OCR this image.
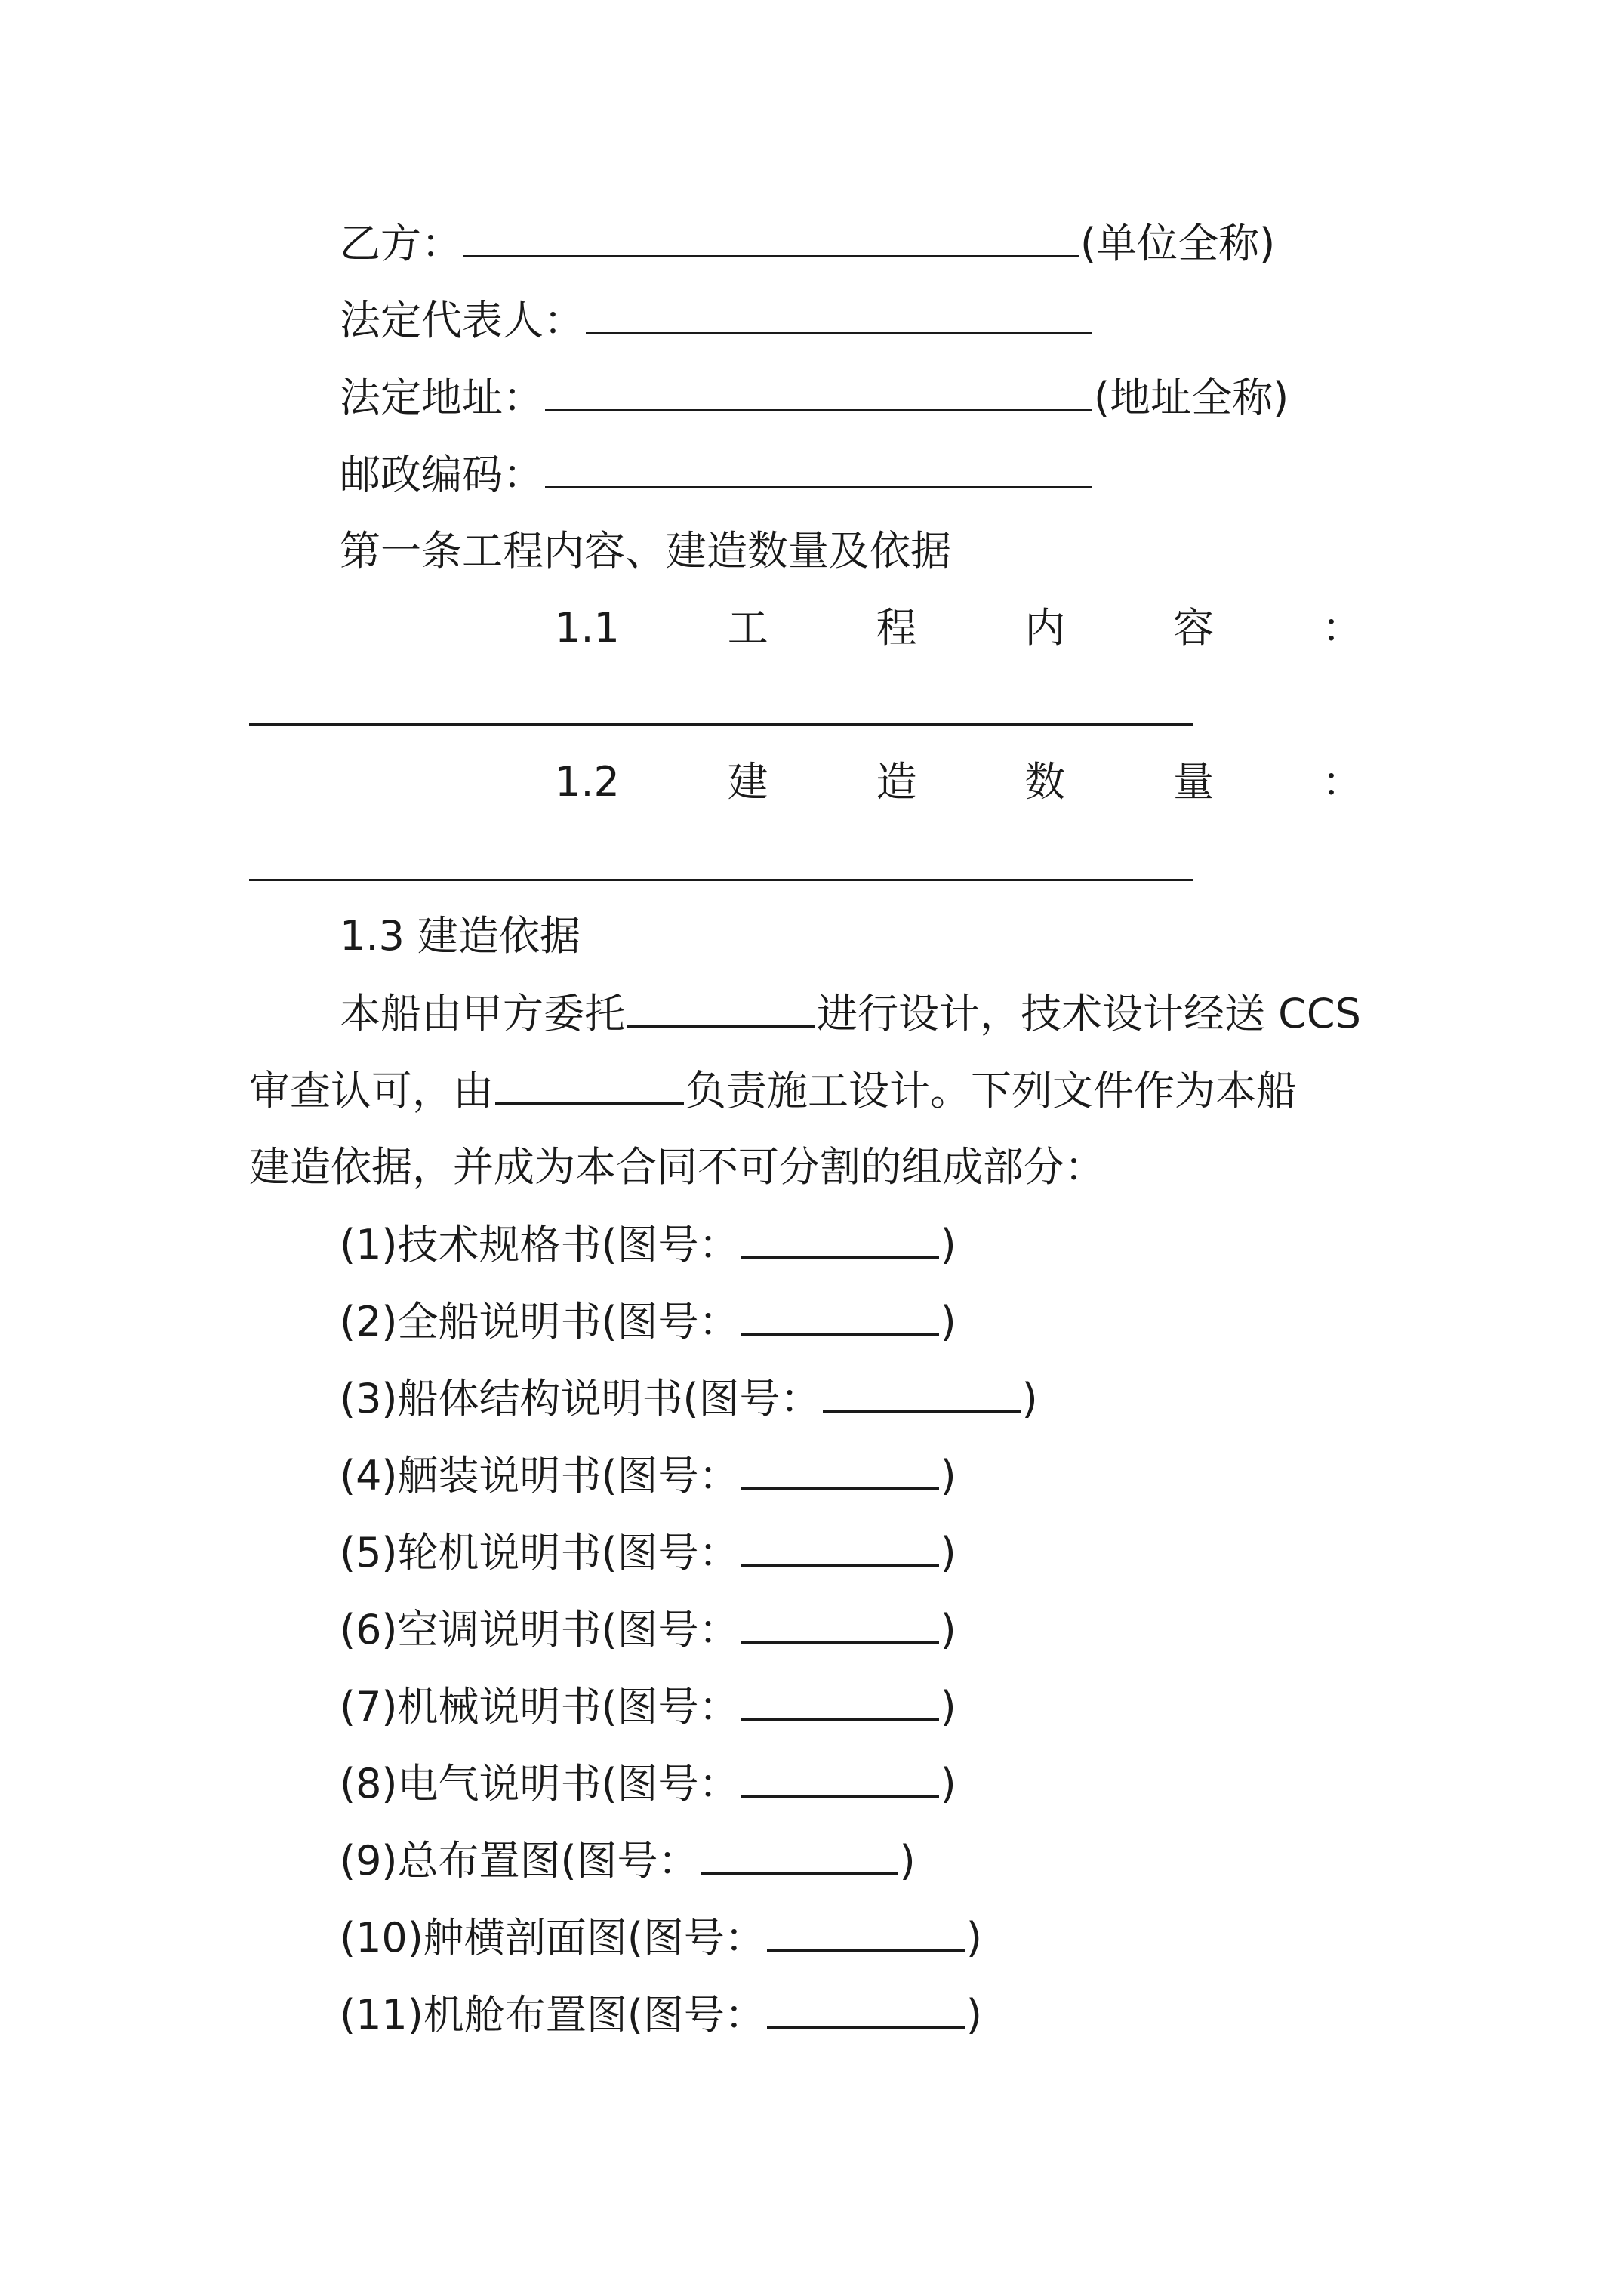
乙方：	(单位全称)
法定代表人：
法定地址：	(地址全称)
邮政编码：
第一条工程内容、建造数量及依据
1.1	工	程	内	容	：
1.2	建	造	数	量	：
1.3 建造依据
本船由甲方委托	进行设计，技术设计经送 CCS
审查认可，由	负责施工设计。下列文件作为本船
建造依据，并成为本合同不可分割的组成部分：
(1)技术规格书(图号：	)
(2)全船说明书(图号：	)
(3)船体结构说明书(图号：	)
(4)舾装说明书(图号：	)
(5)轮机说明书(图号：	)
(6)空调说明书(图号：	)
(7)机械说明书(图号：	)
(8)电气说明书(图号：	)
(9)总布置图(图号：	)
(10)舯横剖面图(图号：	)
(11)机舱布置图(图号：	)
